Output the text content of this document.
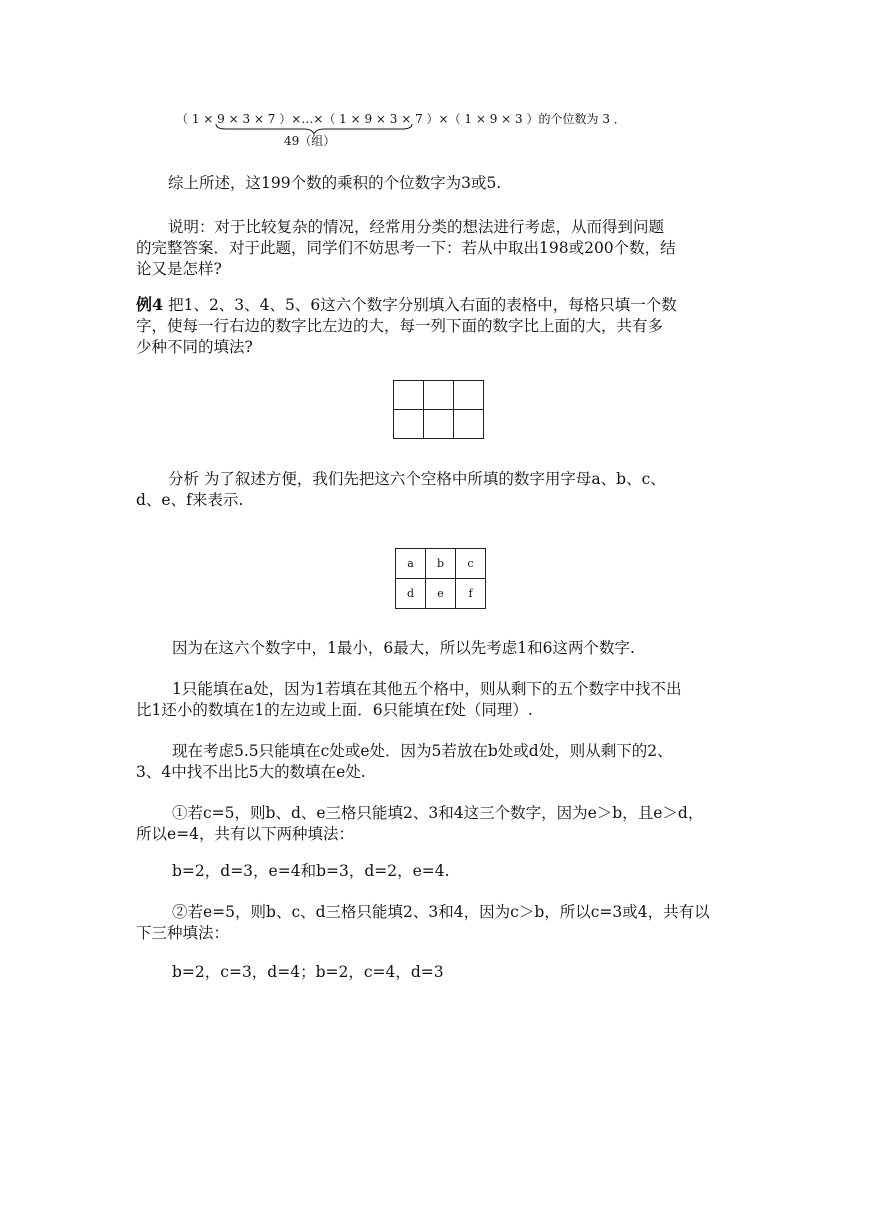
（ 1 × 9 × 3 × 7 ）×…×（ 1 × 9 × 3 × 7 ）×（ 1 × 9 × 3 ）的个位数为 3 ．
49（组）
综上所述，这199个数的乘积的个位数字为3或5.
说明：对于比较复杂的情况，经常用分类的想法进行考虑，从而得到问题
的完整答案．对于此题，同学们不妨思考一下：若从中取出198或200个数，结
论又是怎样?
例4 把1、2、3、4、5、6这六个数字分别填入右面的表格中，每格只填一个数
字，使每一行右边的数字比左边的大，每一列下面的数字比上面的大，共有多
少种不同的填法?

分析 为了叙述方便，我们先把这六个空格中所填的数字用字母a、b、c、
d、e、f来表示.
a	b	c
d	e	f
因为在这六个数字中，1最小，6最大，所以先考虑1和6这两个数字.
1只能填在a处，因为1若填在其他五个格中，则从剩下的五个数字中找不出
比1还小的数填在1的左边或上面．6只能填在f处（同理）.
现在考虑5.5只能填在c处或e处．因为5若放在b处或d处，则从剩下的2、
3、4中找不出比5大的数填在e处.
①若c=5，则b、d、e三格只能填2、3和4这三个数字，因为e＞b，且e＞d，
所以e=4，共有以下两种填法：
b=2，d=3，e=4和b=3，d=2，e=4.
②若e=5，则b、c、d三格只能填2、3和4，因为c＞b，所以c=3或4，共有以
下三种填法：
b=2，c=3，d=4；b=2，c=4，d=3
